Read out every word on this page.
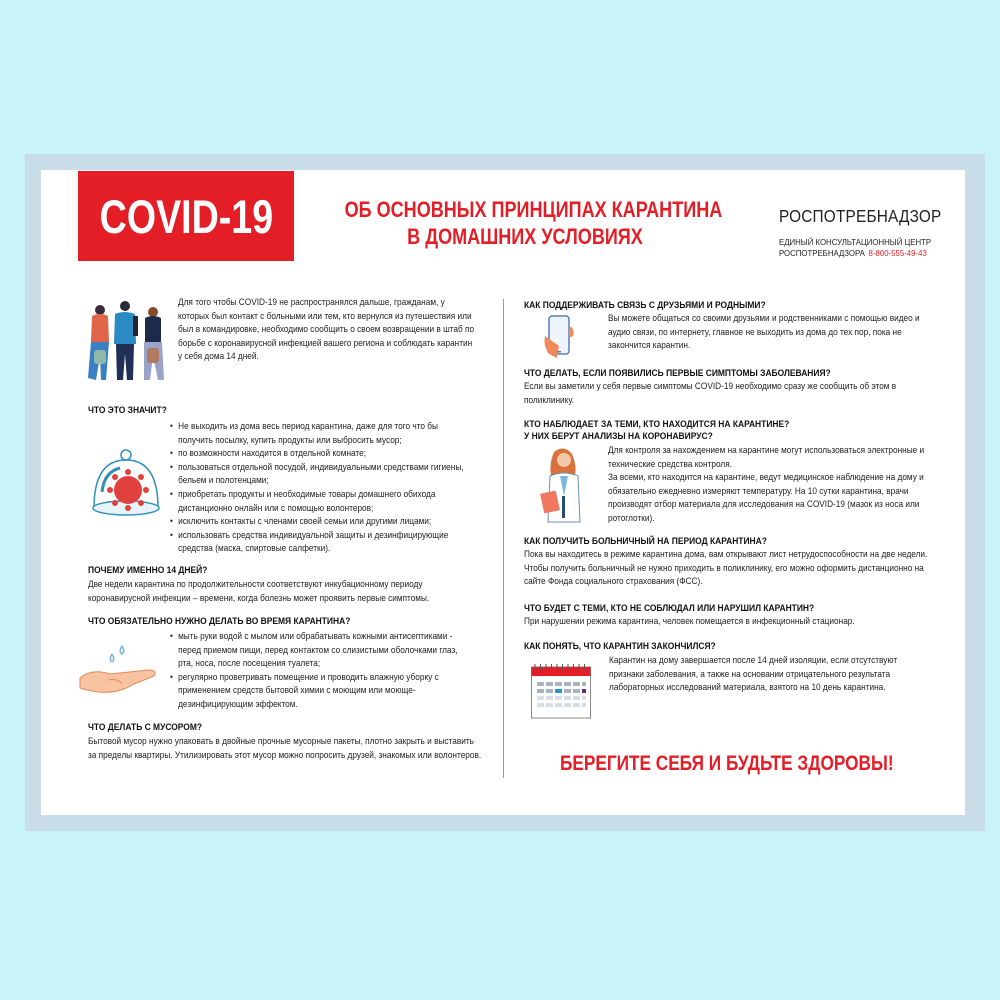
COVID-19	ОБ ОСНОВНЫХ ПРИНЦИПАХ КАРАНТИНА
В ДОМАШНИХ УСЛОВИЯХ
РОСПОТРЕБНАДЗОР
ЕДИНЫЙ КОНСУЛЬТАЦИОННЫЙ ЦЕНТР
РОСПОТРЕБНАДЗОРА 8-800-555-49-43
Для того чтобы COVID-19 не распространялся дальше, гражданам, у которых был контакт с больными или тем, кто вернулся из путешествия или был в командировке, необходимо сообщить о своем возвращении в штаб по борьбе с коронавирусной инфекцией вашего региона и соблюдать карантин у себя дома 14 дней.
ЧТО ЭТО ЗНАЧИТ?
• Не выходить из дома весь период карантина, даже для того что бы получить посылку, купить продукты или выбросить мусор;
• по возможности находится в отдельной комнате;
• пользоваться отдельной посудой, индивидуальными средствами гигиены, бельем и полотенцами;
• приобретать продукты и необходимые товары домашнего обихода дистанционно онлайн или с помощью волонтеров;
• исключить контакты с членами своей семьи или другими лицами;
• использовать средства индивидуальной защиты и дезинфицирующие средства (маска, спиртовые салфетки).
ПОЧЕМУ ИМЕННО 14 ДНЕЙ?
Две недели карантина по продолжительности соответствуют инкубационному периоду коронавирусной инфекции – времени, когда болезнь может проявить первые симптомы.
ЧТО ОБЯЗАТЕЛЬНО НУЖНО ДЕЛАТЬ ВО ВРЕМЯ КАРАНТИНА?
• мыть руки водой с мылом или обрабатывать кожными антисептиками - перед приемом пищи, перед контактом со слизистыми оболочками глаз, рта, носа, после посещения туалета;
• регулярно проветривать помещение и проводить влажную уборку с применением средств бытовой химии с моющим или моюще-дезинфицирующим эффектом.
ЧТО ДЕЛАТЬ С МУСОРОМ?
Бытовой мусор нужно упаковать в двойные прочные мусорные пакеты, плотно закрыть и выставить за пределы квартиры. Утилизировать этот мусор можно попросить друзей, знакомых или волонтеров.
КАК ПОДДЕРЖИВАТЬ СВЯЗЬ С ДРУЗЬЯМИ И РОДНЫМИ?
Вы можете общаться со своими друзьями и родственниками с помощью видео и аудио связи, по интернету, главное не выходить из дома до тех пор, пока не закончится карантин.
ЧТО ДЕЛАТЬ, ЕСЛИ ПОЯВИЛИСЬ ПЕРВЫЕ СИМПТОМЫ ЗАБОЛЕВАНИЯ?
Если вы заметили у себя первые симптомы COVID-19 необходимо сразу же сообщить об этом в поликлинику.
КТО НАБЛЮДАЕТ ЗА ТЕМИ, КТО НАХОДИТСЯ НА КАРАНТИНЕ?
У НИХ БЕРУТ АНАЛИЗЫ НА КОРОНАВИРУС?
Для контроля за нахождением на карантине могут использоваться электронные и технические средства контроля.
За всеми, кто находится на карантине, ведут медицинское наблюдение на дому и обязательно ежедневно измеряют температуру. На 10 сутки карантина, врачи производят отбор материала для исследования на COVID-19 (мазок из носа или ротоглотки).
КАК ПОЛУЧИТЬ БОЛЬНИЧНЫЙ НА ПЕРИОД КАРАНТИНА?
Пока вы находитесь в режиме карантина дома, вам открывают лист нетрудоспособности на две недели. Чтобы получить больничный не нужно приходить в поликлинику, его можно оформить дистанционно на сайте Фонда социального страхования (ФСС).
ЧТО БУДЕТ С ТЕМИ, КТО НЕ СОБЛЮДАЛ ИЛИ НАРУШИЛ КАРАНТИН?
При нарушении режима карантина, человек помещается в инфекционный стационар.
КАК ПОНЯТЬ, ЧТО КАРАНТИН ЗАКОНЧИЛСЯ?
Карантин на дому завершается после 14 дней изоляции, если отсутствуют признаки заболевания, а также на основании отрицательного результата лабораторных исследований материала, взятого на 10 день карантина.
БЕРЕГИТЕ СЕБЯ И БУДЬТЕ ЗДОРОВЫ!
